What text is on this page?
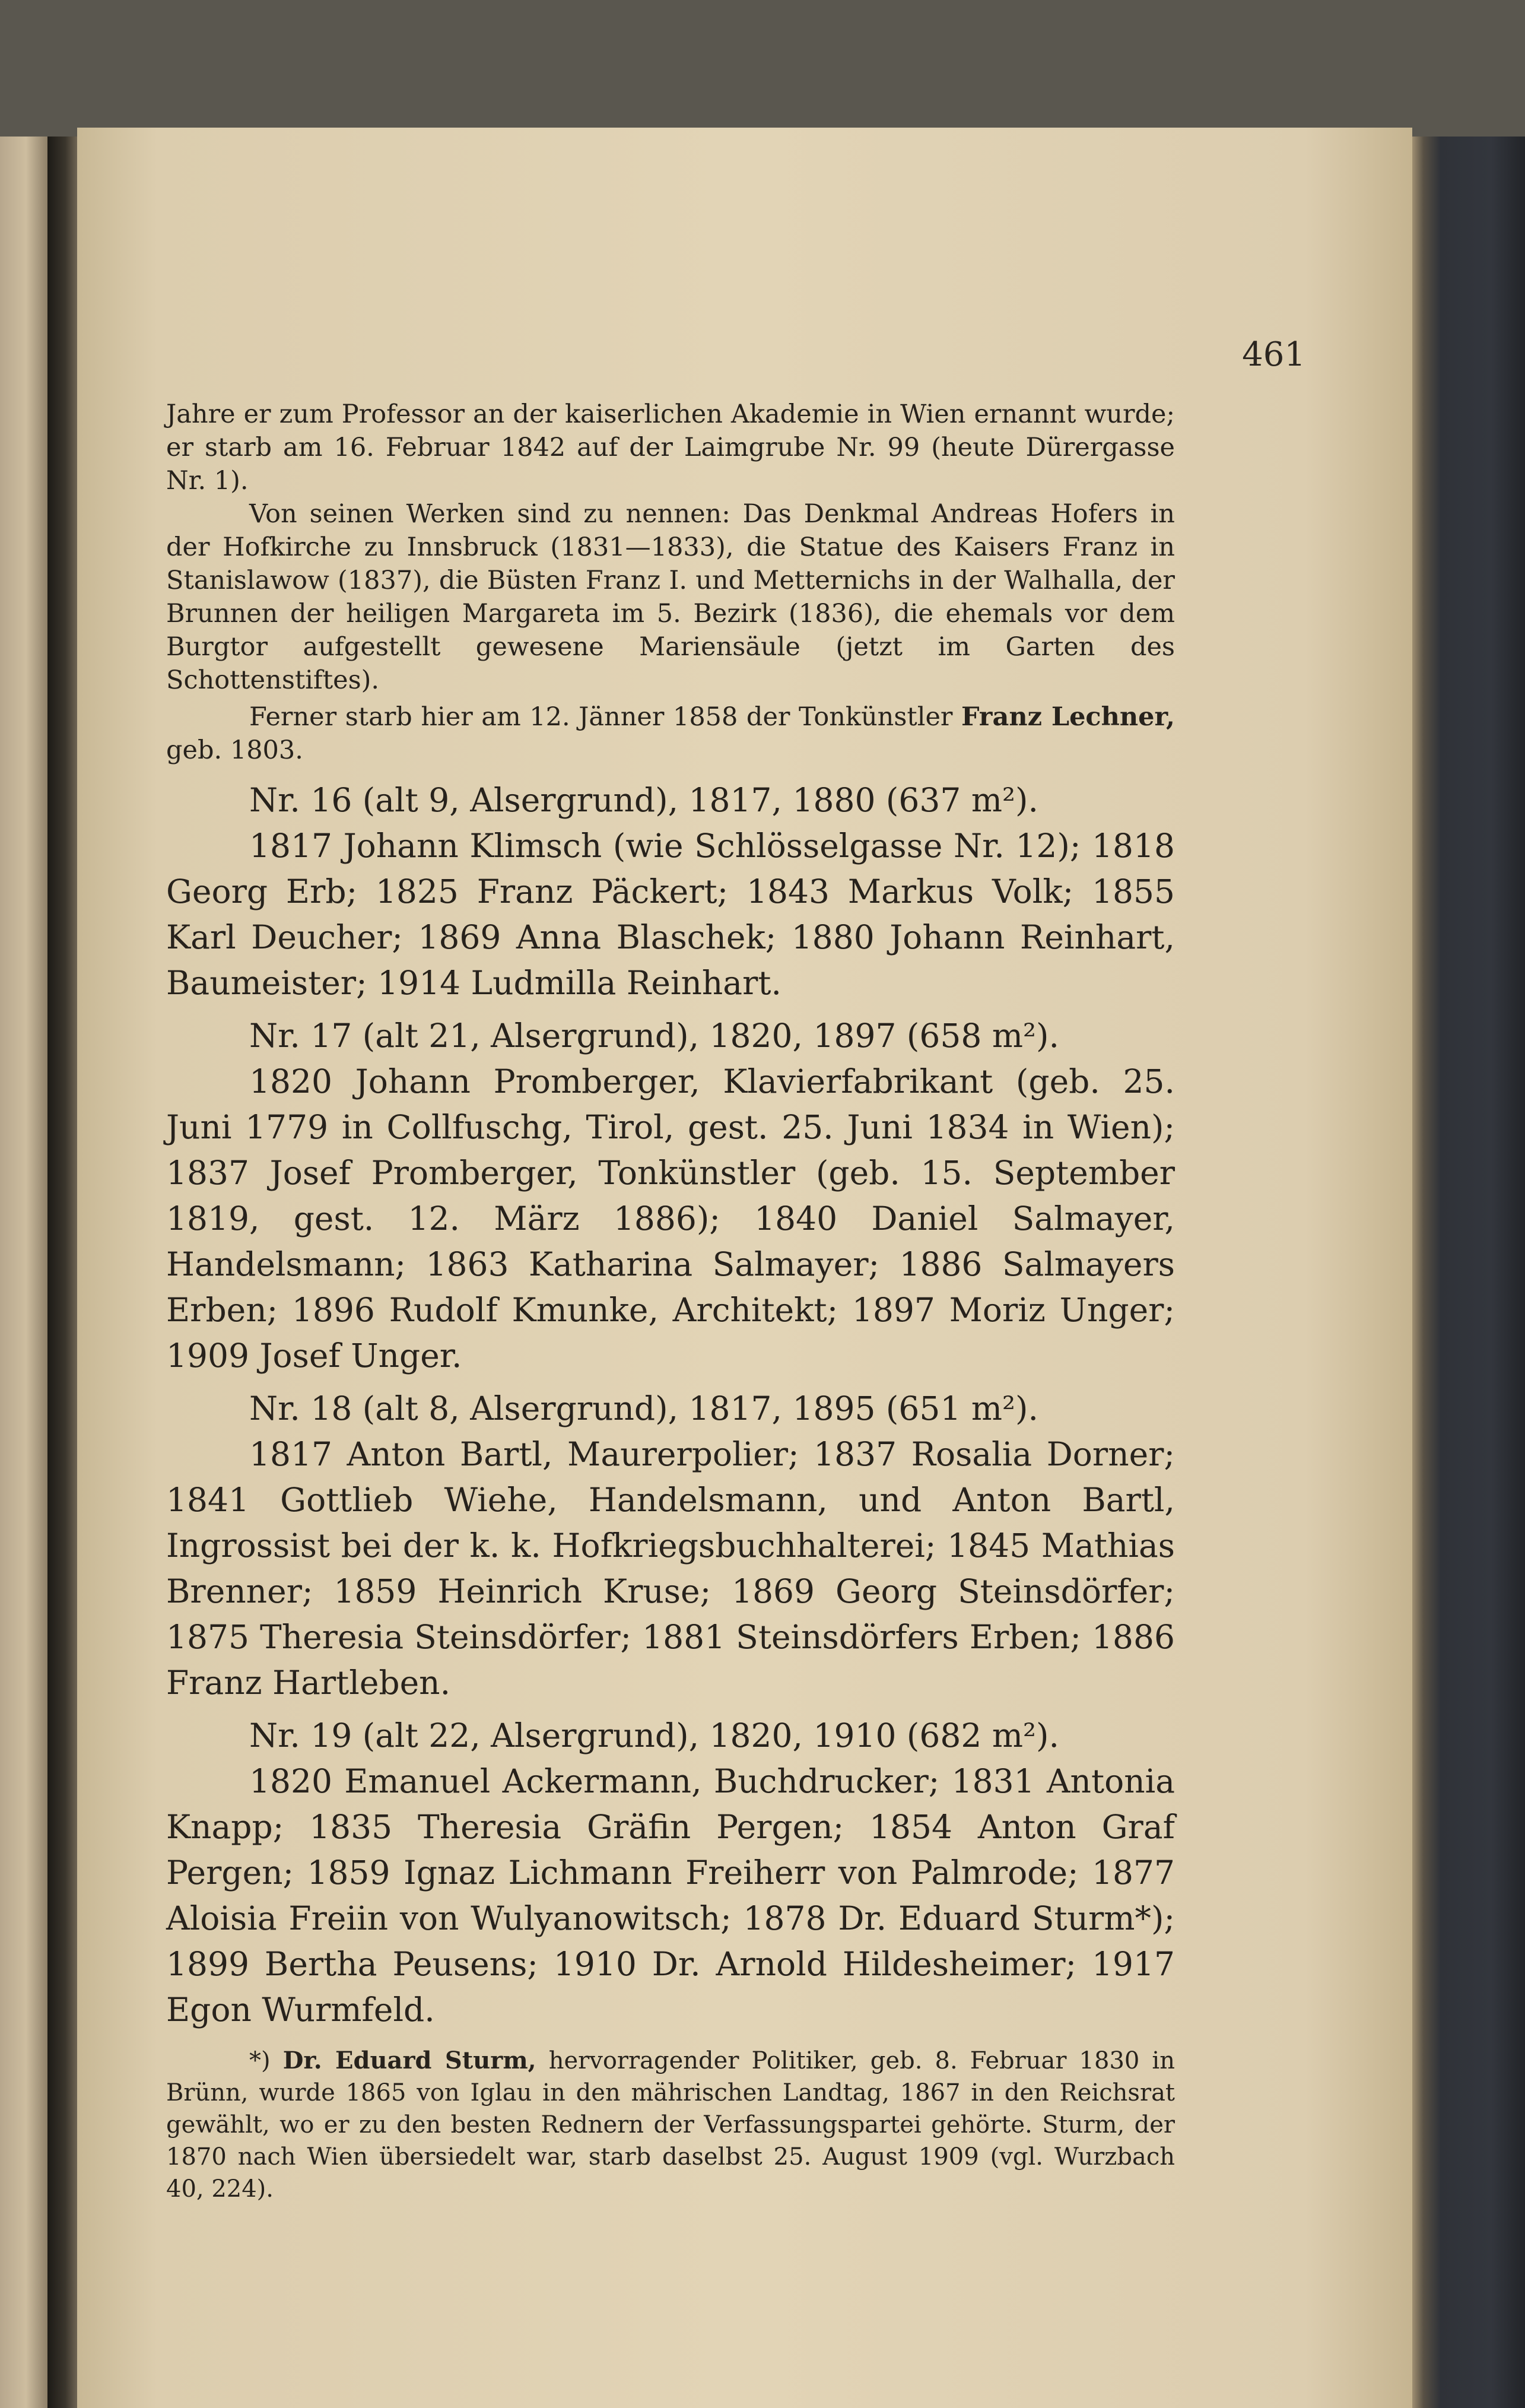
461

Jahre er zum Professor an der kaiserlichen Akademie in Wien ernannt wurde; er starb am 16. Februar 1842 auf der Laimgrube Nr. 99 (heute Dürergasse Nr. 1).

Von seinen Werken sind zu nennen: Das Denkmal Andreas Hofers in der Hofkirche zu Innsbruck (1831—1833), die Statue des Kaisers Franz in Stanislawow (1837), die Büsten Franz I. und Metternichs in der Walhalla, der Brunnen der heiligen Margareta im 5. Bezirk (1836), die ehemals vor dem Burgtor aufgestellt gewesene Mariensäule (jetzt im Garten des Schottenstiftes).

Ferner starb hier am 12. Jänner 1858 der Tonkünstler Franz Lechner, geb. 1803.

Nr. 16 (alt 9, Alsergrund), 1817, 1880 (637 m²).

1817 Johann Klimsch (wie Schlösselgasse Nr. 12); 1818 Georg Erb; 1825 Franz Päckert; 1843 Markus Volk; 1855 Karl Deucher; 1869 Anna Blaschek; 1880 Johann Reinhart, Baumeister; 1914 Ludmilla Reinhart.

Nr. 17 (alt 21, Alsergrund), 1820, 1897 (658 m²).

1820 Johann Promberger, Klavierfabrikant (geb. 25. Juni 1779 in Collfuschg, Tirol, gest. 25. Juni 1834 in Wien); 1837 Josef Promberger, Tonkünstler (geb. 15. September 1819, gest. 12. März 1886); 1840 Daniel Salmayer, Handelsmann; 1863 Katharina Salmayer; 1886 Salmayers Erben; 1896 Rudolf Kmunke, Architekt; 1897 Moriz Unger; 1909 Josef Unger.

Nr. 18 (alt 8, Alsergrund), 1817, 1895 (651 m²).

1817 Anton Bartl, Maurerpolier; 1837 Rosalia Dorner; 1841 Gottlieb Wiehe, Handelsmann, und Anton Bartl, Ingrossist bei der k. k. Hofkriegsbuchhalterei; 1845 Mathias Brenner; 1859 Heinrich Kruse; 1869 Georg Steinsdörfer; 1875 Theresia Steinsdörfer; 1881 Steinsdörfers Erben; 1886 Franz Hartleben.

Nr. 19 (alt 22, Alsergrund), 1820, 1910 (682 m²).

1820 Emanuel Ackermann, Buchdrucker; 1831 Antonia Knapp; 1835 Theresia Gräfin Pergen; 1854 Anton Graf Pergen; 1859 Ignaz Lichmann Freiherr von Palmrode; 1877 Aloisia Freiin von Wulyanowitsch; 1878 Dr. Eduard Sturm*); 1899 Bertha Peusens; 1910 Dr. Arnold Hildesheimer; 1917 Egon Wurmfeld.

*) Dr. Eduard Sturm, hervorragender Politiker, geb. 8. Februar 1830 in Brünn, wurde 1865 von Iglau in den mährischen Landtag, 1867 in den Reichsrat gewählt, wo er zu den besten Rednern der Verfassungspartei gehörte. Sturm, der 1870 nach Wien übersiedelt war, starb daselbst 25. August 1909 (vgl. Wurzbach 40, 224).
